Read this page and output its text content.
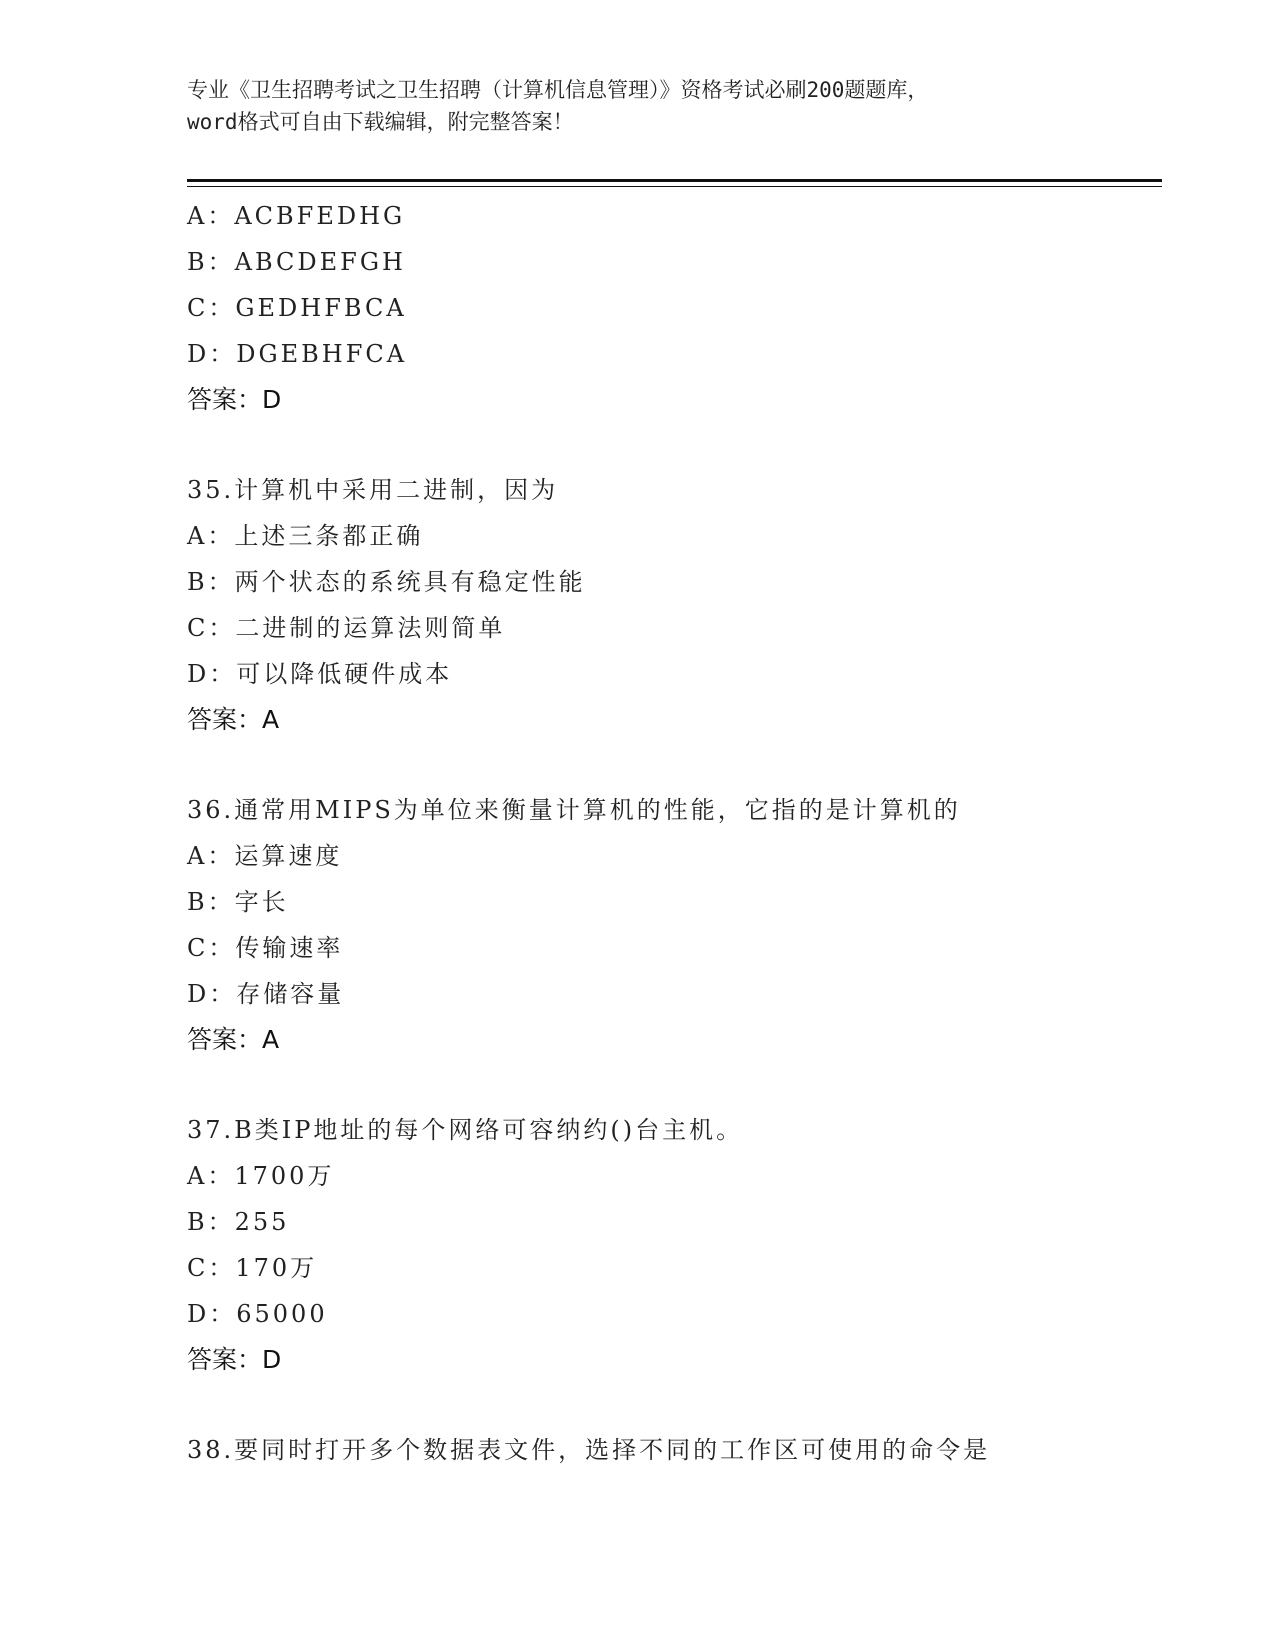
专业《卫生招聘考试之卫生招聘（计算机信息管理）》资格考试必刷200题题库，
word格式可自由下载编辑，附完整答案！
A：ACBFEDHG
B：ABCDEFGH
C：GEDHFBCA
D：DGEBHFCA
答案：D
35.计算机中采用二进制，因为
A：上述三条都正确
B：两个状态的系统具有稳定性能
C：二进制的运算法则简单
D：可以降低硬件成本
答案：A
36.通常用MIPS为单位来衡量计算机的性能，它指的是计算机的
A：运算速度
B：字长
C：传输速率
D：存储容量
答案：A
37.B类IP地址的每个网络可容纳约()台主机。
A：1700万
B：255
C：170万
D：65000
答案：D
38.要同时打开多个数据表文件，选择不同的工作区可使用的命令是
